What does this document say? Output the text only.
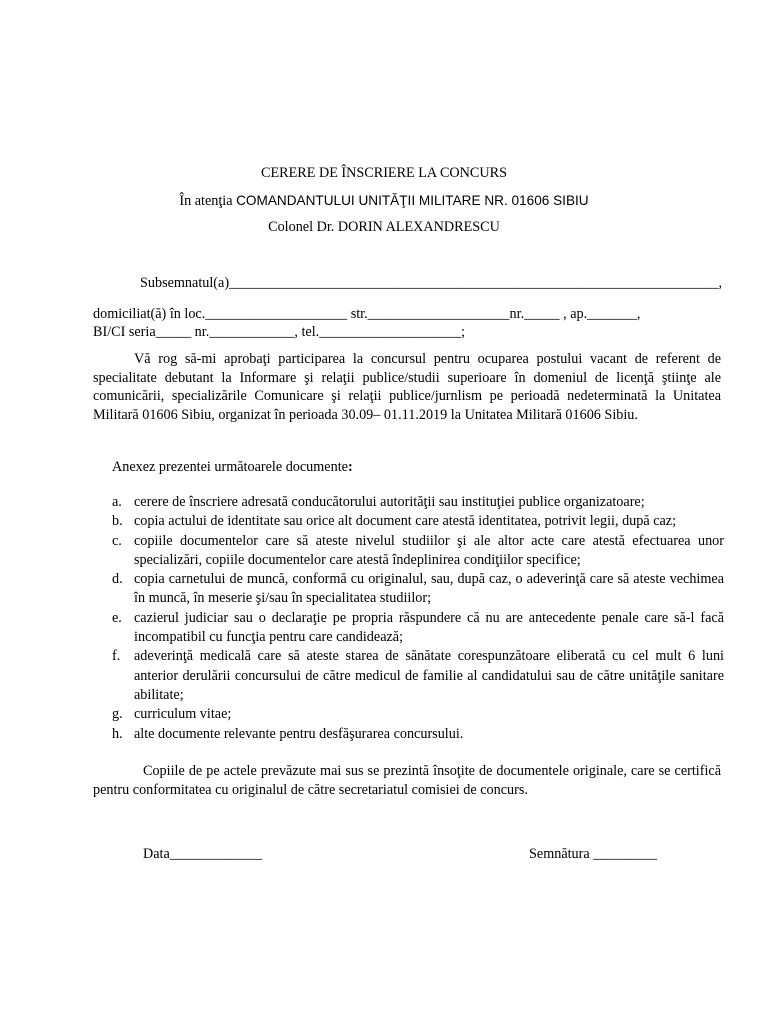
CERERE DE ÎNSCRIERE LA CONCURS
În atenţia COMANDANTULUI UNITĂŢII MILITARE NR. 01606 SIBIU
Colonel Dr. DORIN ALEXANDRESCU
Subsemnatul(a)_____________________________________________________________________,
domiciliat(ă) în loc.____________________ str.____________________nr._____ , ap._______,
BI/CI seria_____ nr.____________, tel.____________________;
Vă rog să-mi aprobaţi participarea la concursul pentru ocuparea postului vacant de referent de specialitate debutant la Informare şi relaţii publice/studii superioare în domeniul de licenţă ştiinţe ale comunicării, specializările Comunicare şi relaţii publice/jurnlism pe perioadă nedeterminată la Unitatea Militară 01606 Sibiu, organizat în perioada 30.09– 01.11.2019 la Unitatea Militară 01606 Sibiu.
Anexez prezentei următoarele documente:
a. cerere de înscriere adresată conducătorului autorităţii sau instituţiei publice organizatoare;
b. copia actului de identitate sau orice alt document care atestă identitatea, potrivit legii, după caz;
c. copiile documentelor care să ateste nivelul studiilor şi ale altor acte care atestă efectuarea unor specializări, copiile documentelor care atestă îndeplinirea condiţiilor specifice;
d. copia carnetului de muncă, conformă cu originalul, sau, după caz, o adeverinţă care să ateste vechimea în muncă, în meserie şi/sau în specialitatea studiilor;
e. cazierul judiciar sau o declaraţie pe propria răspundere că nu are antecedente penale care să-l facă incompatibil cu funcţia pentru care candidează;
f. adeverinţă medicală care să ateste starea de sănătate corespunzătoare eliberată cu cel mult 6 luni anterior derulării concursului de către medicul de familie al candidatului sau de către unităţile sanitare abilitate;
g. curriculum vitae;
h. alte documente relevante pentru desfăşurarea concursului.
Copiile de pe actele prevăzute mai sus se prezintă însoţite de documentele originale, care se certifică pentru conformitatea cu originalul de către secretariatul comisiei de concurs.
Data_____________	Semnătura _________
